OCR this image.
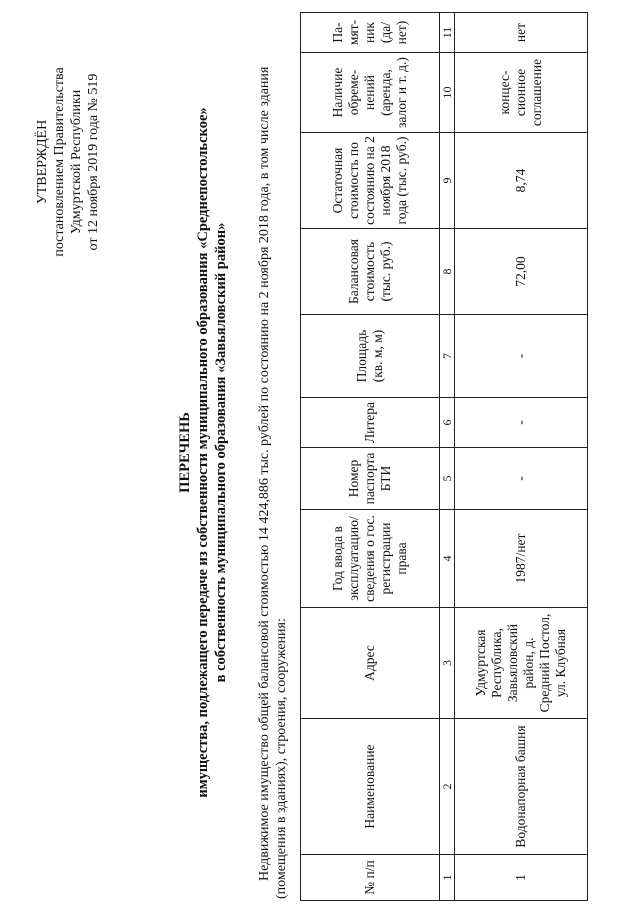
УТВЕРЖДЁН постановлением Правительства Удмуртской Республики от 12 ноября 2019 года № 519
ПЕРЕЧЕНЬ имущества, подлежащего передаче из собственности муниципального образования «Среднепостольское» в собственность муниципального образования «Завьяловский район» Недвижимое имущество общей балансовой стоимостью 14 424,886 тыс. рублей по состоянию на 2 ноября 2018 года, в том числе здания (помещения в зданиях), строения, сооружения:	№ п/п	Наименование	Адрес	Год ввода в эксплуатацию/сведения о гос. регистрации права	Номер паспорта БТИ	Литера	Площадь (кв. м, м)	Балансовая стоимость (тыс. руб.)	Остаточная стоимость по состоянию на 2 ноября 2018 года (тыс. руб.)	Наличие обременений (аренда, залог и т. д.)	Памятник (да/ нет)
1	2	3	4	5	6	7	8	9	10	11
1	Водонапорная башня	Удмуртская Республика, Завьяловский район, д. Средний Постол, ул. Клубная	1987/нет	-	-	-	72,00	8,74	концессионное соглашение	нет
